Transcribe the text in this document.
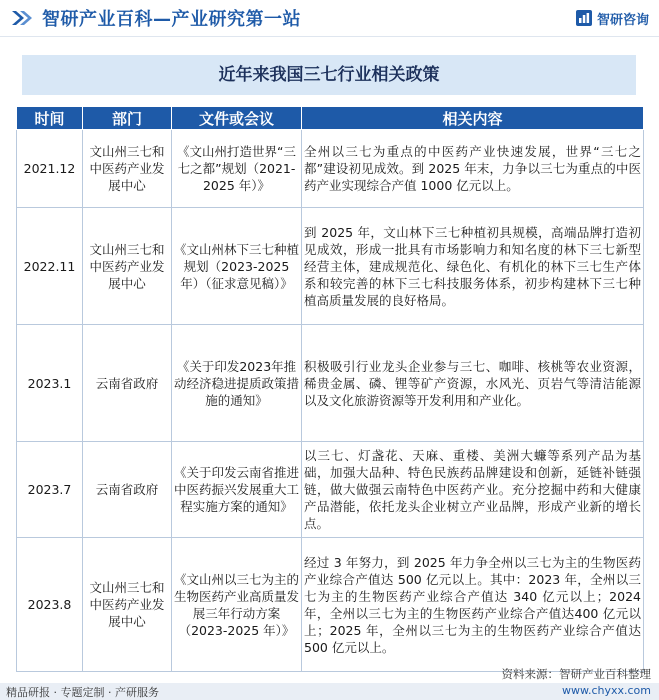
智研产业百科—产业研究第一站	智研咨询
近年来我国三七行业相关政策
时间	部门	文件或会议	相关内容
2021.12	文山州三七和中医药产业发展中心	《文山州打造世界“三七之都”规划（2021-2025 年）》	全州以三七为重点的中医药产业快速发展，世界“三七之都”建设初见成效。到 2025 年末，力争以三七为重点的中医药产业实现综合产值 1000 亿元以上。
2022.11	文山州三七和中医药产业发展中心	《文山州林下三七种植规划（2023-2025 年）（征求意见稿）》	到 2025 年，文山林下三七种植初具规模，高端品牌打造初见成效，形成一批具有市场影响力和知名度的林下三七新型经营主体，建成规范化、绿色化、有机化的林下三七生产体系和较完善的林下三七科技服务体系，初步构建林下三七种植高质量发展的良好格局。
2023.1	云南省政府	《关于印发2023年推动经济稳进提质政策措施的通知》	积极吸引行业龙头企业参与三七、咖啡、核桃等农业资源，稀贵金属、磷、锂等矿产资源，水风光、页岩气等清洁能源以及文化旅游资源等开发利用和产业化。
2023.7	云南省政府	《关于印发云南省推进中医药振兴发展重大工程实施方案的通知》	以三七、灯盏花、天麻、重楼、美洲大蠊等系列产品为基础，加强大品种、特色民族药品牌建设和创新，延链补链强链，做大做强云南特色中医药产业。充分挖掘中药和大健康产品潜能，依托龙头企业树立产业品牌，形成产业新的增长点。
2023.8	文山州三七和中医药产业发展中心	《文山州以三七为主的生物医药产业高质量发展三年行动方案（2023-2025 年）》	经过 3 年努力，到 2025 年力争全州以三七为主的生物医药产业综合产值达 500 亿元以上。其中：2023 年，全州以三七为主的生物医药产业综合产值达 340 亿元以上；2024 年，全州以三七为主的生物医药产业综合产值达400 亿元以上；2025 年，全州以三七为主的生物医药产业综合产值达 500 亿元以上。
资料来源：智研产业百科整理
精品研报 · 专题定制 · 产研服务	www.chyxx.com
